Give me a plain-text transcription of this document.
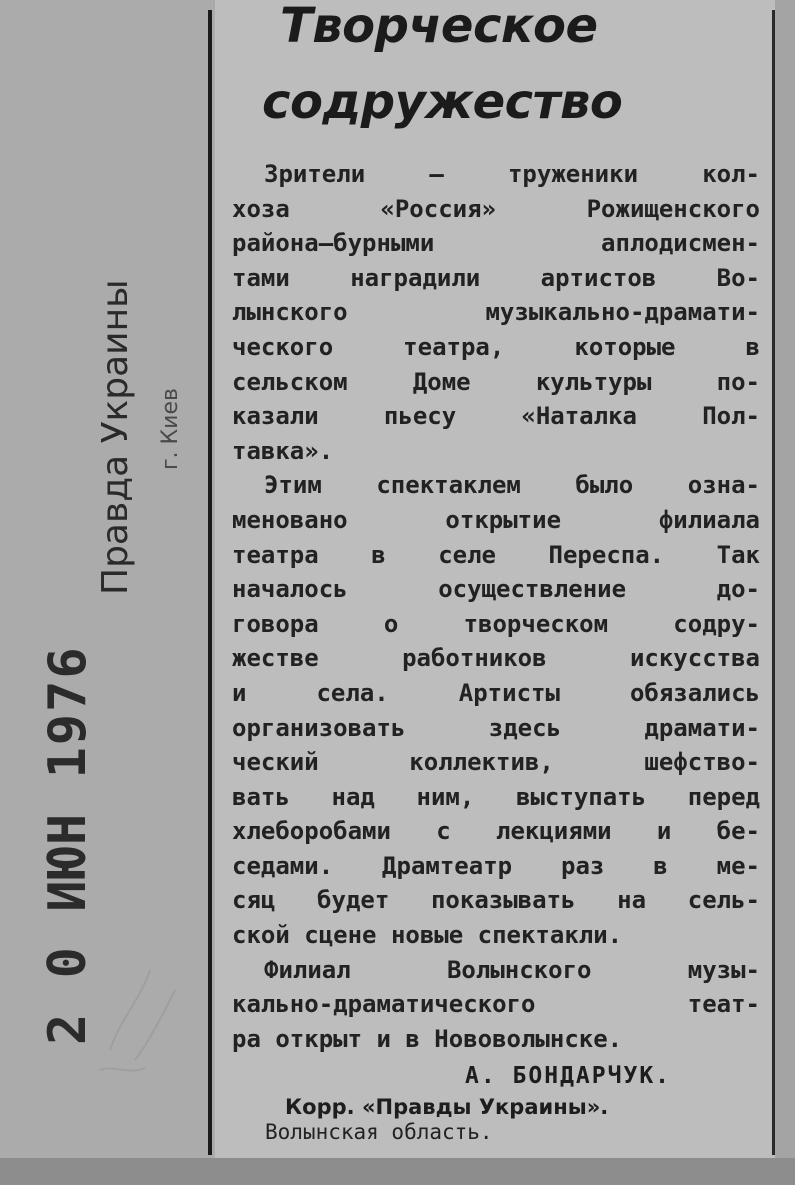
Творческое
содружество
Зрители — труженики кол-
хоза «Россия» Рожищенского
района—бурными аплодисмен-
тами наградили артистов Во-
лынского музыкально-драмати-
ческого театра, которые в
сельском Доме культуры по-
казали пьесу «Наталка Пол-
тавка».
Этим спектаклем было озна-
меновано открытие филиала
театра в селе Переспа. Так
началось осуществление до-
говора о творческом содру-
жестве работников искусства
и села. Артисты обязались
организовать здесь драмати-
ческий коллектив, шефство-
вать над ним, выступать перед
хлеборобами с лекциями и бе-
седами. Драмтеатр раз в ме-
сяц будет показывать на сель-
ской сцене новые спектакли.
Филиал Волынского музы-
кально-драматического теат-
ра открыт и в Нововолынске.
А. БОНДАРЧУК.
Корр. «Правды Украины».
Волынская область.
2 0 ИЮН 1976
Правда Украины г. Киев
